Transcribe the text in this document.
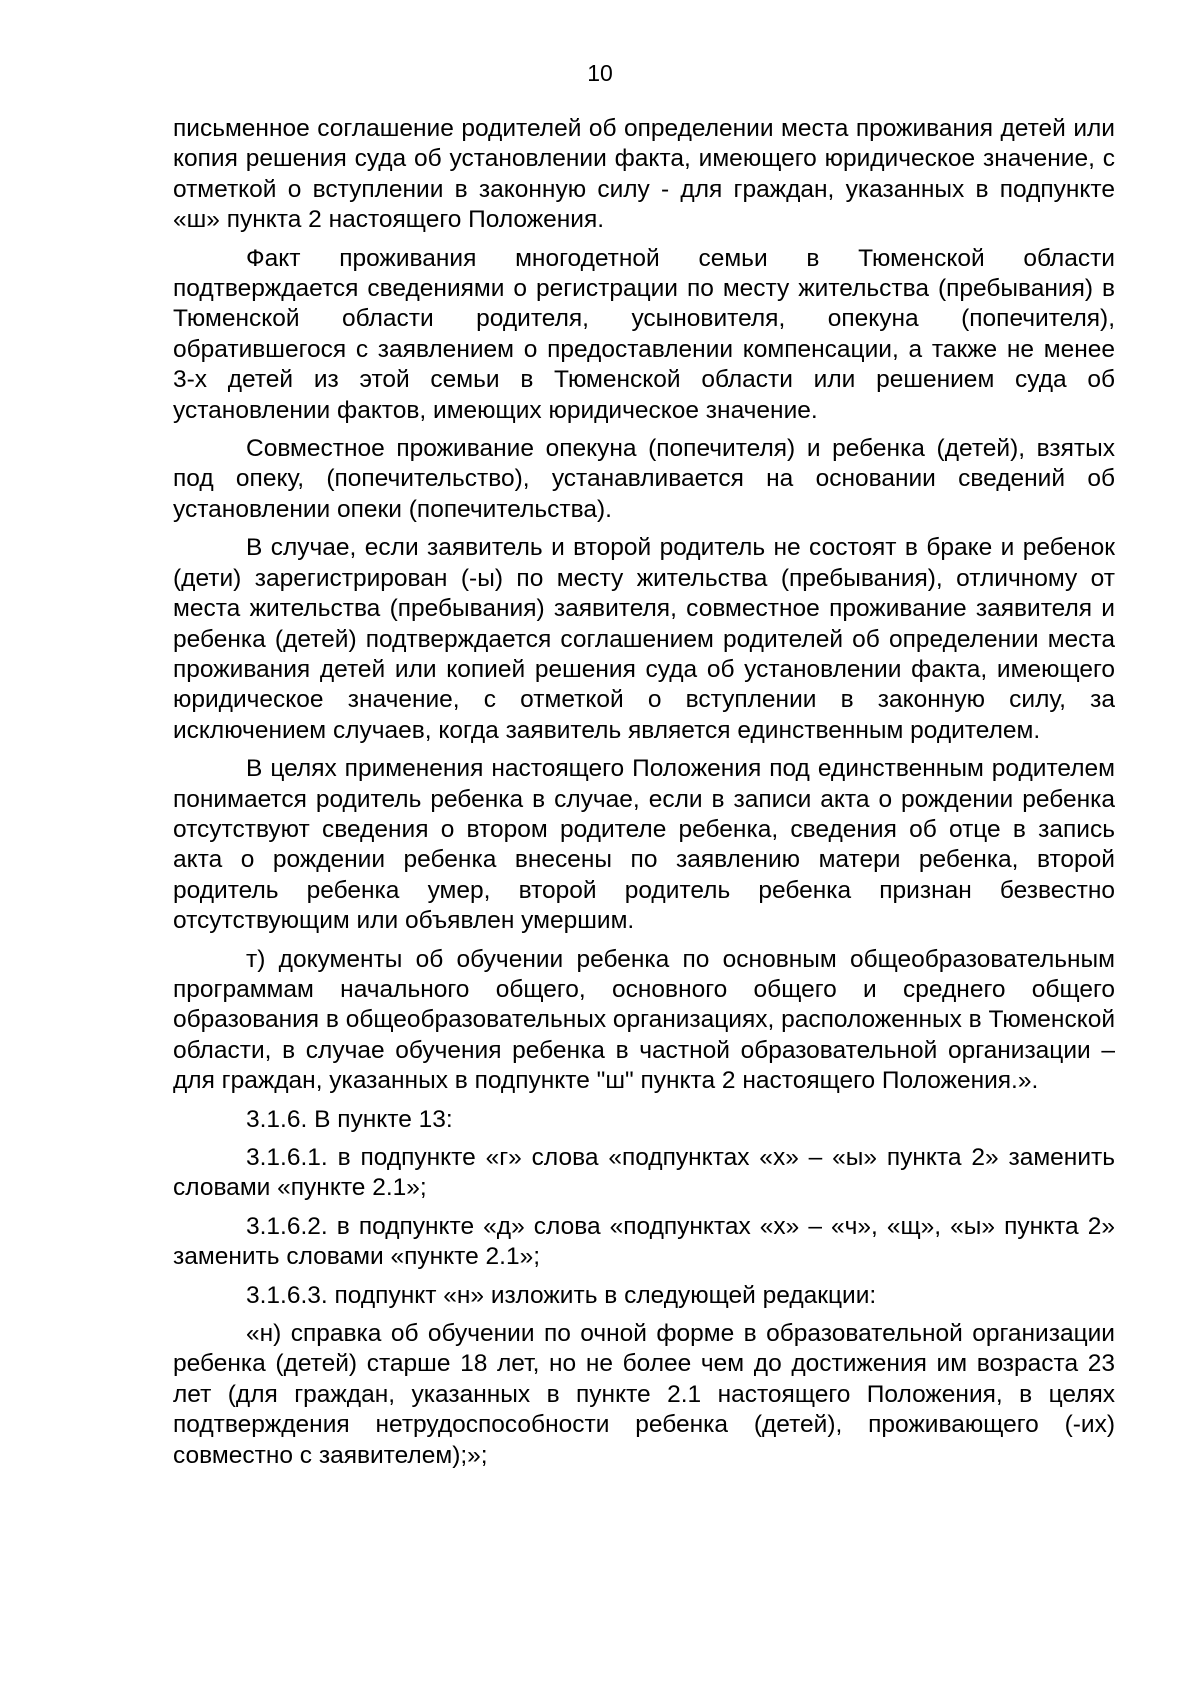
10

письменное соглашение родителей об определении места проживания детей или копия решения суда об установлении факта, имеющего юридическое значение, с отметкой о вступлении в законную силу - для граждан, указанных в подпункте «ш» пункта 2 настоящего Положения.

Факт проживания многодетной семьи в Тюменской области подтверждается сведениями о регистрации по месту жительства (пребывания) в Тюменской области родителя, усыновителя, опекуна (попечителя), обратившегося с заявлением о предоставлении компенсации, а также не менее 3-х детей из этой семьи в Тюменской области или решением суда об установлении фактов, имеющих юридическое значение.

Совместное проживание опекуна (попечителя) и ребенка (детей), взятых под опеку, (попечительство), устанавливается на основании сведений об установлении опеки (попечительства).

В случае, если заявитель и второй родитель не состоят в браке и ребенок (дети) зарегистрирован (-ы) по месту жительства (пребывания), отличному от места жительства (пребывания) заявителя, совместное проживание заявителя и ребенка (детей) подтверждается соглашением родителей об определении места проживания детей или копией решения суда об установлении факта, имеющего юридическое значение, с отметкой о вступлении в законную силу, за исключением случаев, когда заявитель является единственным родителем.

В целях применения настоящего Положения под единственным родителем понимается родитель ребенка в случае, если в записи акта о рождении ребенка отсутствуют сведения о втором родителе ребенка, сведения об отце в запись акта о рождении ребенка внесены по заявлению матери ребенка, второй родитель ребенка умер, второй родитель ребенка признан безвестно отсутствующим или объявлен умершим.

т) документы об обучении ребенка по основным общеобразовательным программам начального общего, основного общего и среднего общего образования в общеобразовательных организациях, расположенных в Тюменской области, в случае обучения ребенка в частной образовательной организации – для граждан, указанных в подпункте "ш" пункта 2 настоящего Положения.».

3.1.6. В пункте 13:

3.1.6.1. в подпункте «г» слова «подпунктах «х» – «ы» пункта 2» заменить словами «пункте 2.1»;

3.1.6.2. в подпункте «д» слова «подпунктах «х» – «ч», «щ», «ы» пункта 2» заменить словами «пункте 2.1»;

3.1.6.3. подпункт «н» изложить в следующей редакции:

«н) справка об обучении по очной форме в образовательной организации ребенка (детей) старше 18 лет, но не более чем до достижения им возраста 23 лет (для граждан, указанных в пункте 2.1 настоящего Положения, в целях подтверждения нетрудоспособности ребенка (детей), проживающего (-их) совместно с заявителем);»;
